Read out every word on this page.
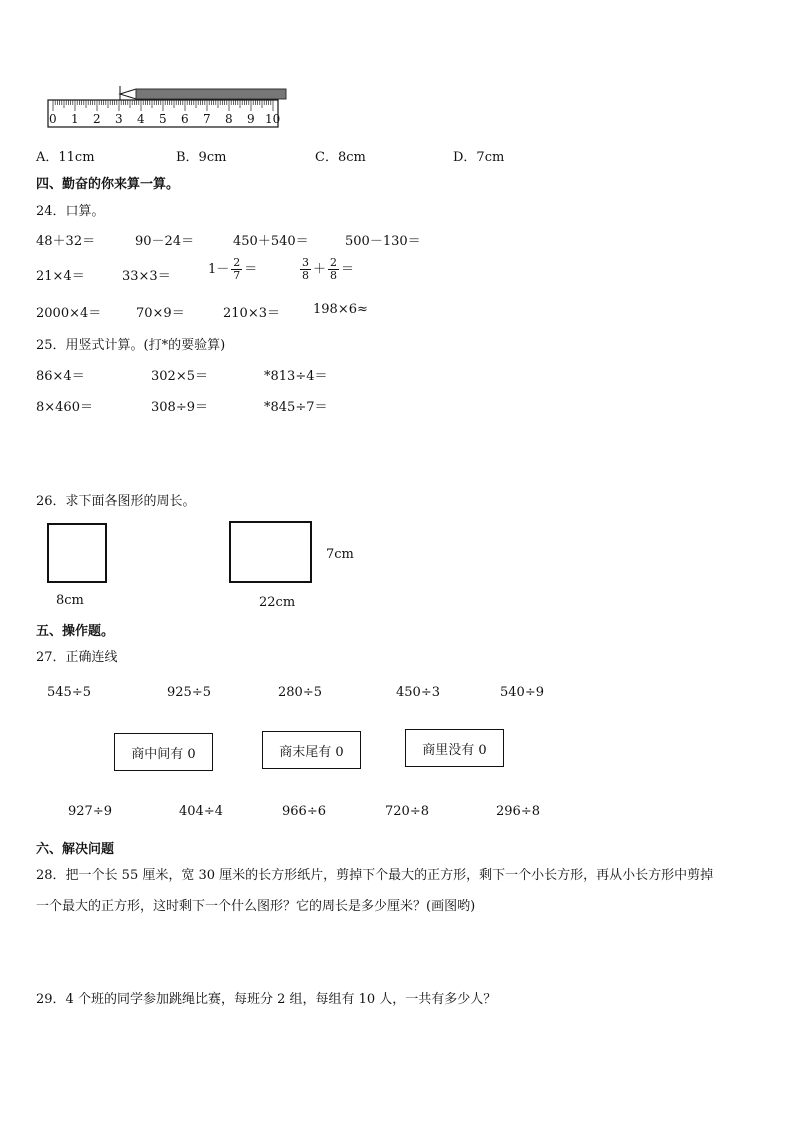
0 1 2 3 4 5 6 7 8 9 10
A．11cm	B．9cm	C．8cm	D．7cm
四、勤奋的你来算一算。
24．口算。
48＋32＝	90－24＝	450＋540＝	500－130＝
21×4＝	33×3＝	$1- \frac{2}{7}$ ＝	$\frac{3}{8} + \frac{2}{8}$ ＝
2000×4＝	70×9＝	210×3＝	198×6≈
25．用竖式计算。(打*的要验算)
86×4＝	302×5＝	*813÷4＝
8×460＝	308÷9＝	*845÷7＝
26．求下面各图形的周长。
8cm
7cm
22cm
五、操作题。
27．正确连线
545÷5	925÷5	280÷5	450÷3	540÷9
商中间有 0	商末尾有 0	商里没有 0
927÷9	404÷4	966÷6	720÷8	296÷8
六、解决问题
28．把一个长 55 厘米，宽 30 厘米的长方形纸片，剪掉下个最大的正方形，剩下一个小长方形，再从小长方形中剪掉
一个最大的正方形，这时剩下一个什么图形？它的周长是多少厘米？(画图哟)
29．4 个班的同学参加跳绳比赛，每班分 2 组，每组有 10 人，一共有多少人？
